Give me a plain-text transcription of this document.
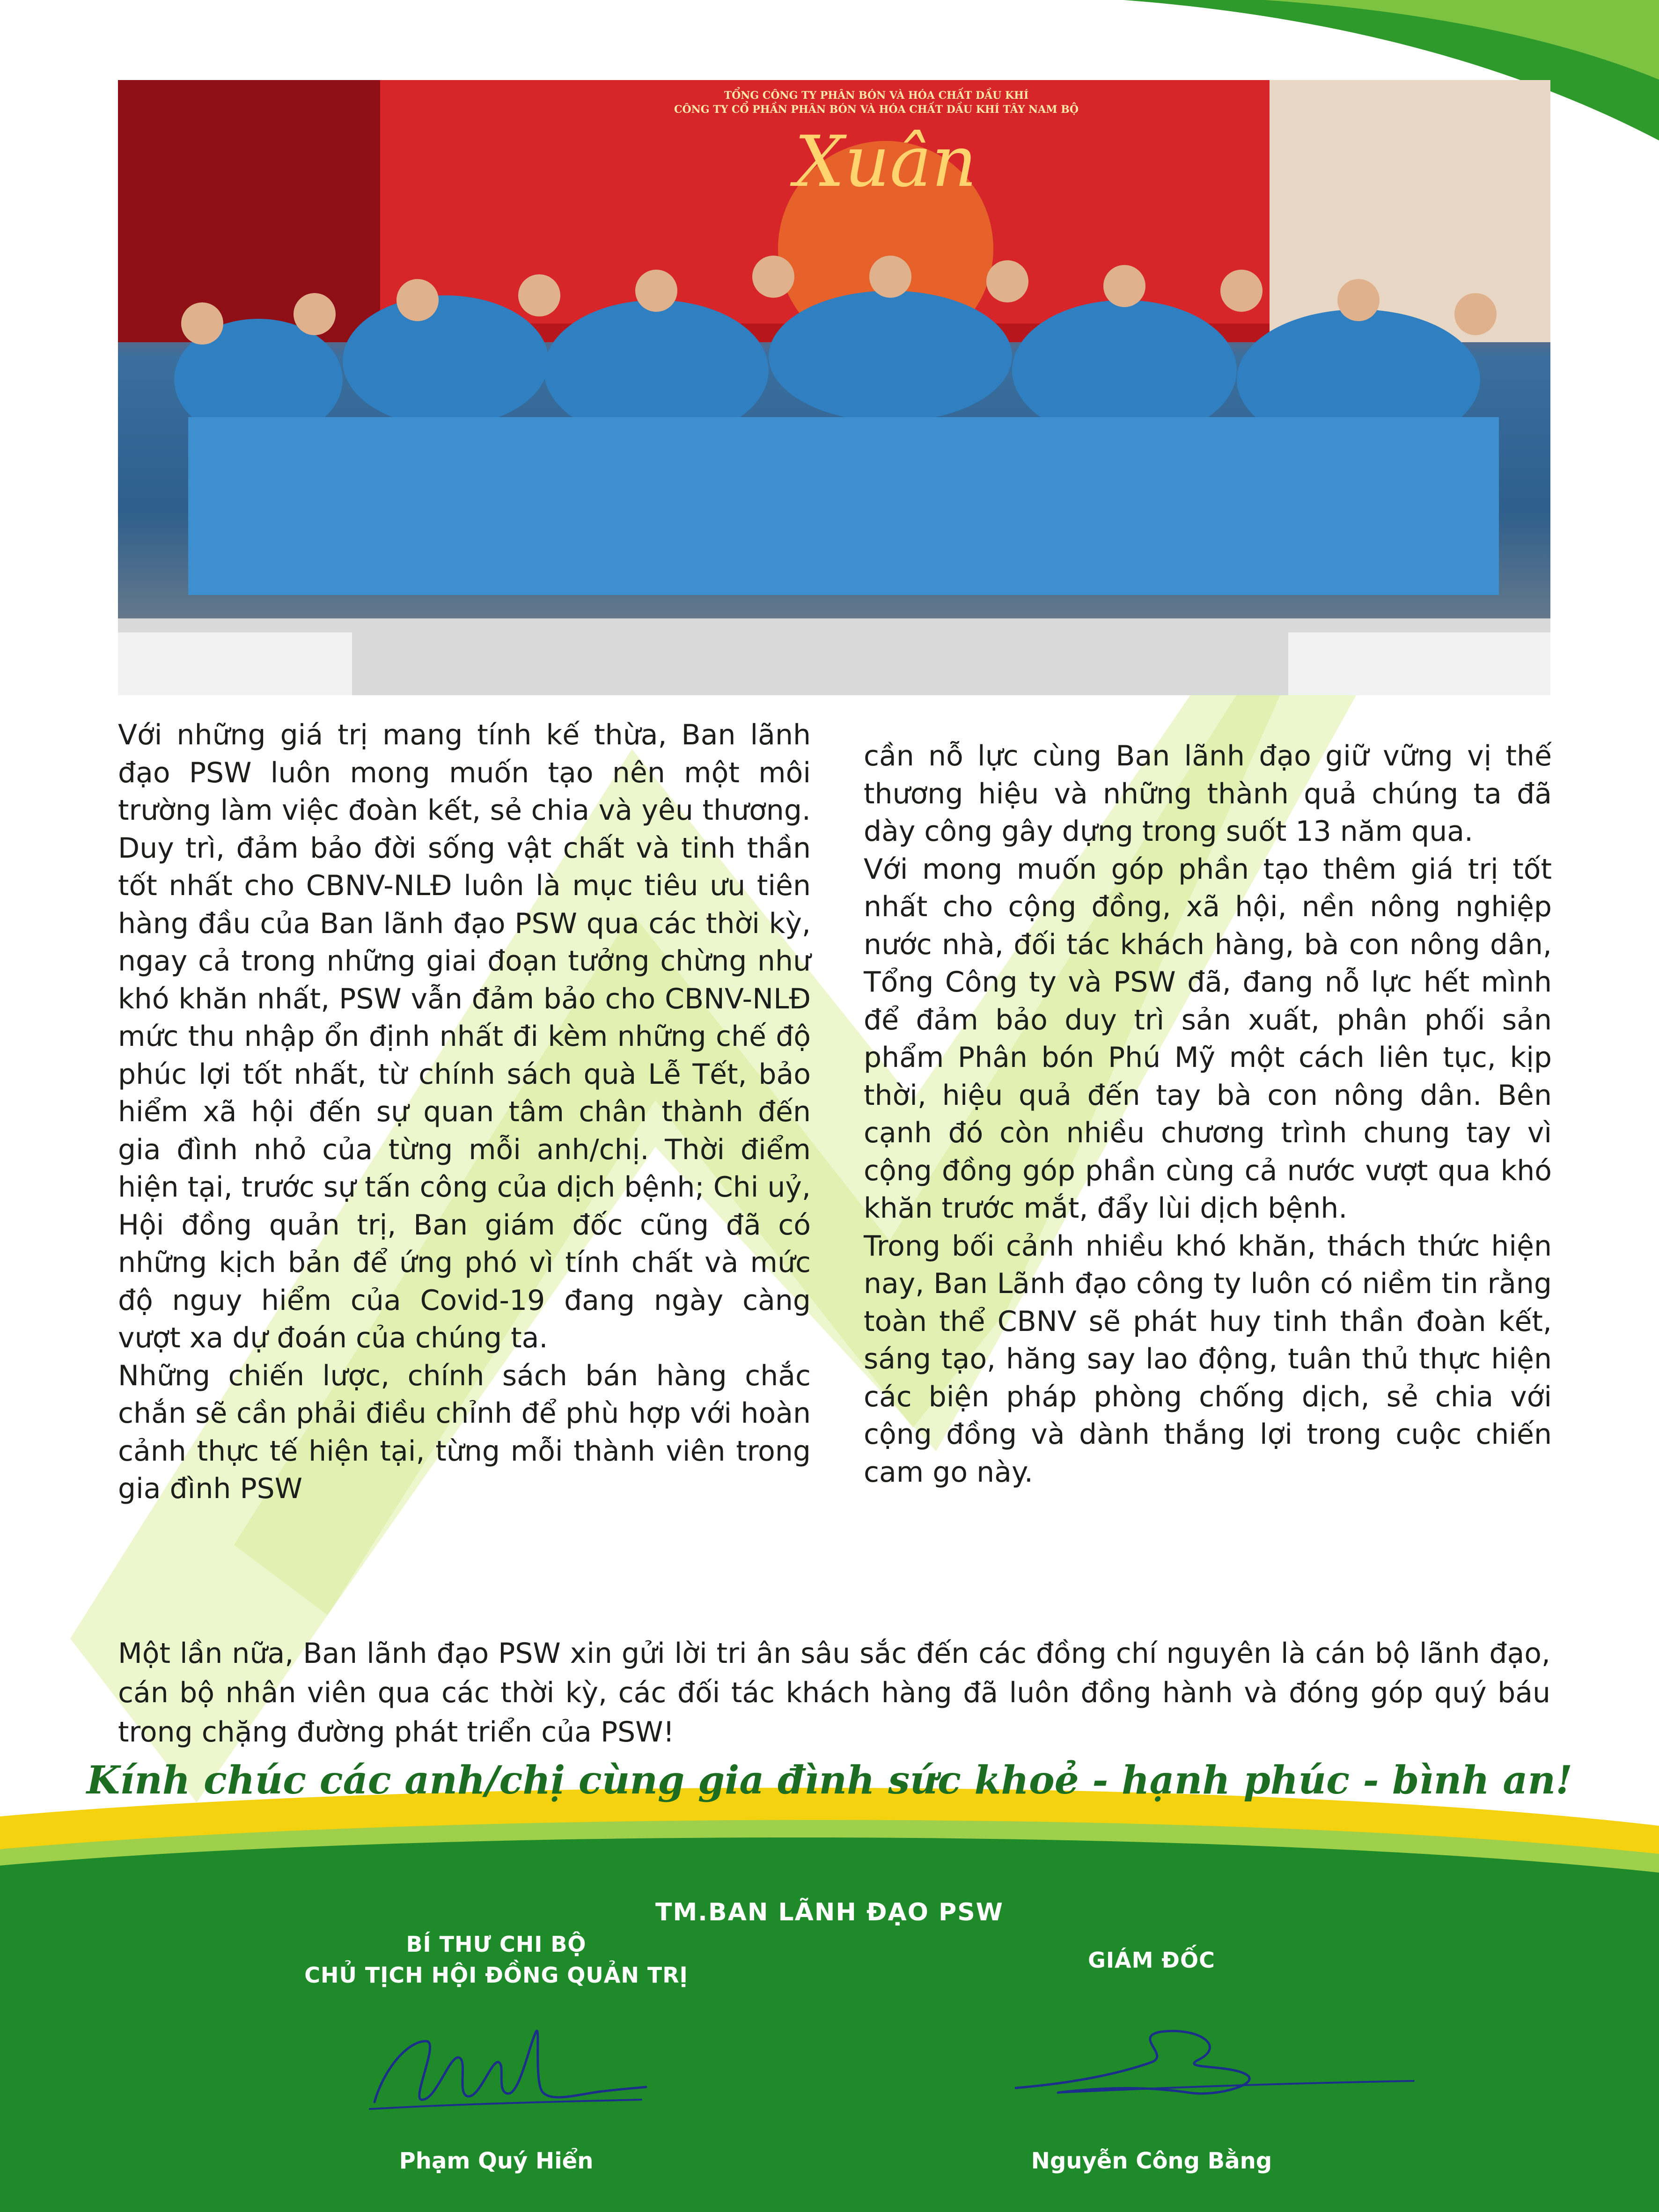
TỔNG CÔNG TY PHÂN BÓN VÀ HÓA CHẤT DẦU KHÍ
CÔNG TY CỔ PHẦN PHÂN BÓN VÀ HÓA CHẤT DẦU KHÍ TÂY NAM BỘ
Xuân

Với những giá trị mang tính kế thừa, Ban lãnh đạo PSW luôn mong muốn tạo nên một môi trường làm việc đoàn kết, sẻ chia và yêu thương. Duy trì, đảm bảo đời sống vật chất và tinh thần tốt nhất cho CBNV-NLĐ luôn là mục tiêu ưu tiên hàng đầu của Ban lãnh đạo PSW qua các thời kỳ, ngay cả trong những giai đoạn tưởng chừng như khó khăn nhất, PSW vẫn đảm bảo cho CBNV-NLĐ mức thu nhập ổn định nhất đi kèm những chế độ phúc lợi tốt nhất, từ chính sách quà Lễ Tết, bảo hiểm xã hội đến sự quan tâm chân thành đến gia đình nhỏ của từng mỗi anh/chị. Thời điểm hiện tại, trước sự tấn công của dịch bệnh; Chi uỷ, Hội đồng quản trị, Ban giám đốc cũng đã có những kịch bản để ứng phó vì tính chất và mức độ nguy hiểm của Covid-19 đang ngày càng vượt xa dự đoán của chúng ta.

Những chiến lược, chính sách bán hàng chắc chắn sẽ cần phải điều chỉnh để phù hợp với hoàn cảnh thực tế hiện tại, từng mỗi thành viên trong gia đình PSW

cần nỗ lực cùng Ban lãnh đạo giữ vững vị thế thương hiệu và những thành quả chúng ta đã dày công gây dựng trong suốt 13 năm qua.

Với mong muốn góp phần tạo thêm giá trị tốt nhất cho cộng đồng, xã hội, nền nông nghiệp nước nhà, đối tác khách hàng, bà con nông dân, Tổng Công ty và PSW đã, đang nỗ lực hết mình để đảm bảo duy trì sản xuất, phân phối sản phẩm Phân bón Phú Mỹ một cách liên tục, kịp thời, hiệu quả đến tay bà con nông dân. Bên cạnh đó còn nhiều chương trình chung tay vì cộng đồng góp phần cùng cả nước vượt qua khó khăn trước mắt, đẩy lùi dịch bệnh.

Trong bối cảnh nhiều khó khăn, thách thức hiện nay, Ban Lãnh đạo công ty luôn có niềm tin rằng toàn thể CBNV sẽ phát huy tinh thần đoàn kết, sáng tạo, hăng say lao động, tuân thủ thực hiện các biện pháp phòng chống dịch, sẻ chia với cộng đồng và dành thắng lợi trong cuộc chiến cam go này.

Một lần nữa, Ban lãnh đạo PSW xin gửi lời tri ân sâu sắc đến các đồng chí nguyên là cán bộ lãnh đạo, cán bộ nhân viên qua các thời kỳ, các đối tác khách hàng đã luôn đồng hành và đóng góp quý báu trong chặng đường phát triển của PSW!
Kính chúc các anh/chị cùng gia đình sức khoẻ - hạnh phúc - bình an!
TM.BAN LÃNH ĐẠO PSW
BÍ THƯ CHI BỘ
CHỦ TỊCH HỘI ĐỒNG QUẢN TRỊ
GIÁM ĐỐC
Phạm Quý Hiển	Nguyễn Công Bằng
